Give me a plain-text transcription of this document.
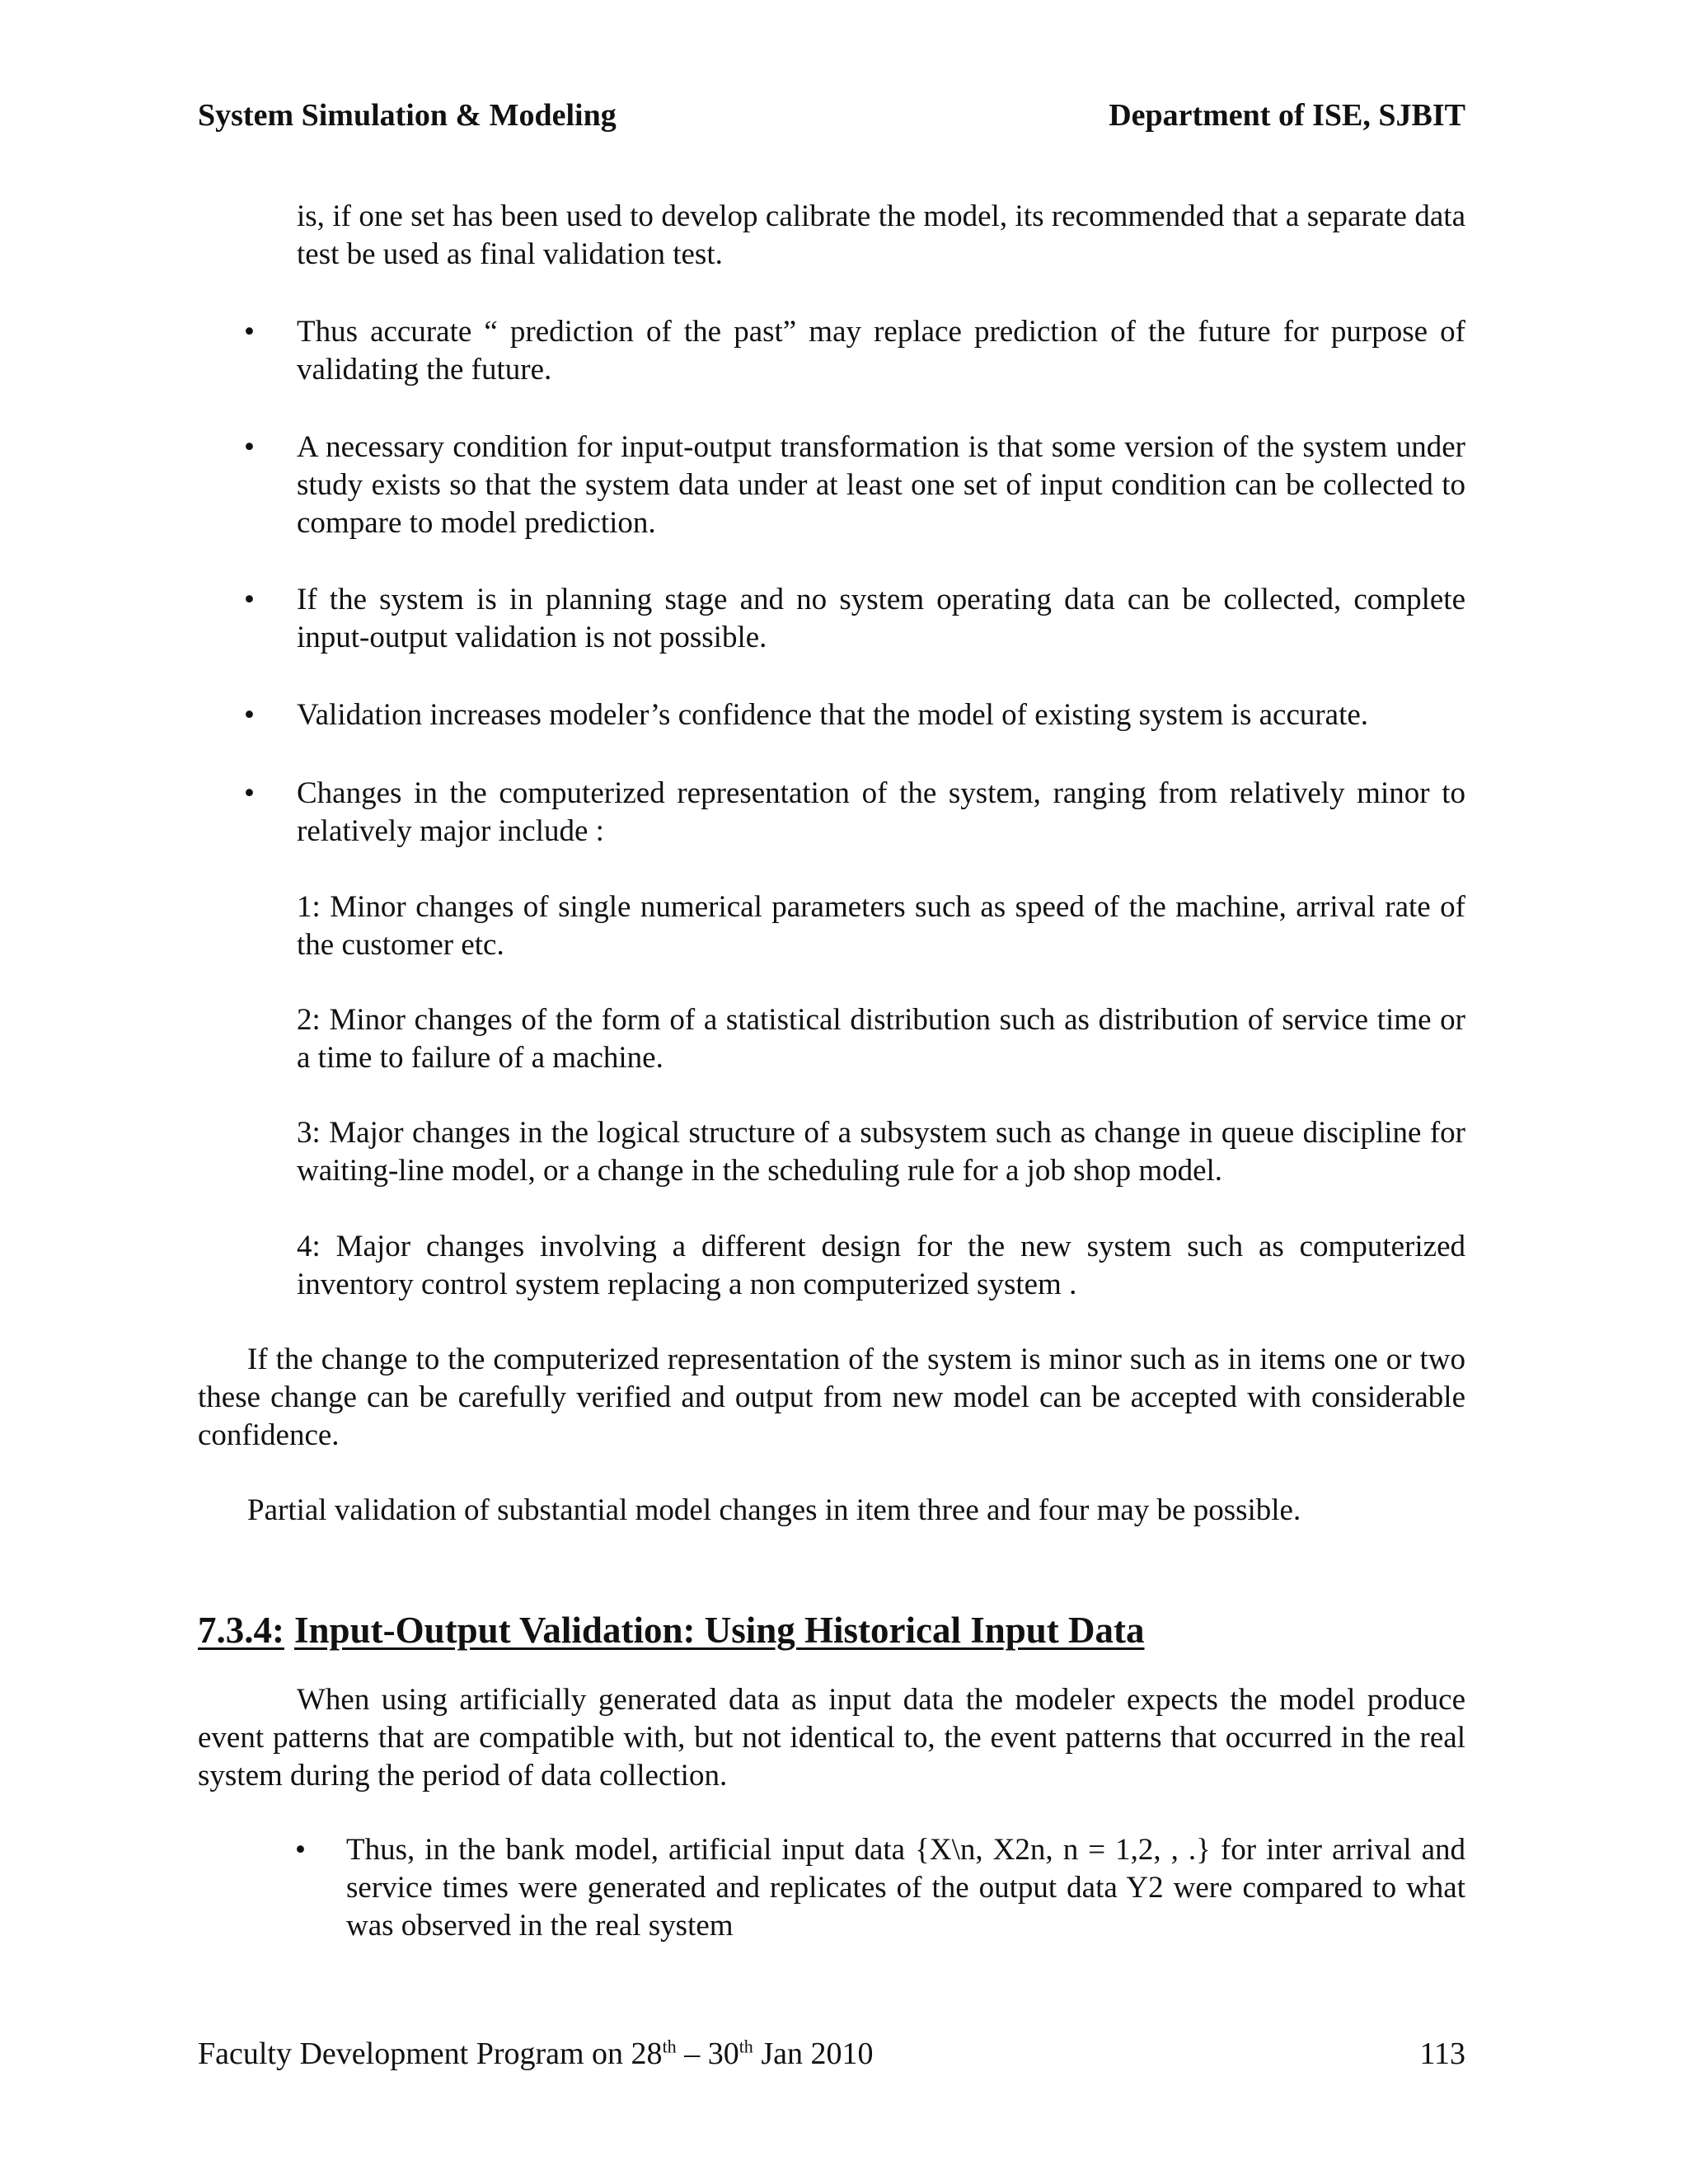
System Simulation & Modeling	Department of ISE, SJBIT

is, if one set has been used to develop calibrate the model, its recommended that a separate data test be used as final validation test.

• Thus accurate “ prediction of the past” may replace prediction of the future for purpose of validating the future.

• A necessary condition for input-output transformation is that some version of the system under study exists so that the system data under at least one set of input condition can be collected to compare to model prediction.

• If the system is in planning stage and no system operating data can be collected, complete input-output validation is not possible.

• Validation increases modeler’s confidence that the model of existing system is accurate.

• Changes in the computerized representation of the system, ranging from relatively minor to relatively major include :

1: Minor changes of single numerical parameters such as speed of the machine, arrival rate of the customer etc.

2: Minor changes of the form of a statistical distribution such as distribution of service time or a time to failure of a machine.

3: Major changes in the logical structure of a subsystem such as change in queue discipline for waiting-line model, or a change in the scheduling rule for a job shop model.

4: Major changes involving a different design for the new system such as computerized inventory control system replacing a non computerized system .

If the change to the computerized representation of the system is minor such as in items one or two these change can be carefully verified and output from new model can be accepted with considerable confidence.

Partial validation of substantial model changes in item three and four may be possible.

7.3.4: Input-Output Validation: Using Historical Input Data

When using artificially generated data as input data the modeler expects the model produce event patterns that are compatible with, but not identical to, the event patterns that occurred in the real system during the period of data collection.

• Thus, in the bank model, artificial input data {X\n, X2n, n = 1,2, , .} for inter arrival and service times were generated and replicates of the output data Y2 were compared to what was observed in the real system

Faculty Development Program on 28th – 30th Jan 2010	113
